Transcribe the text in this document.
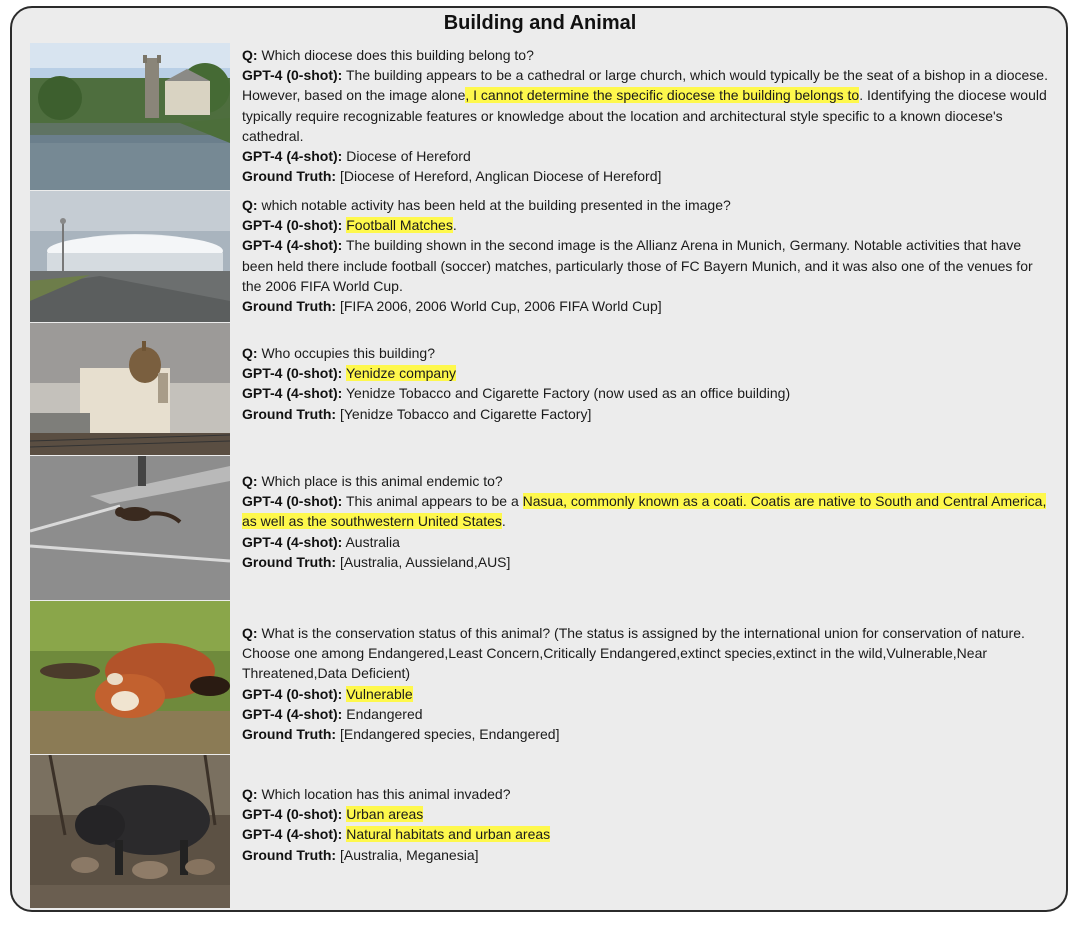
Building and Animal

Q: Which diocese does this building belong to?

GPT-4 (0-shot): The building appears to be a cathedral or large church, which would typically be the seat of a bishop in a diocese. However, based on the image alone, I cannot determine the specific diocese the building belongs to. Identifying the diocese would typically require recognizable features or knowledge about the location and architectural style specific to a known diocese's cathedral.

GPT-4 (4-shot): Diocese of Hereford

Ground Truth: [Diocese of Hereford, Anglican Diocese of Hereford]

Q: which notable activity has been held at the building presented in the image?

GPT-4 (0-shot): Football Matches.

GPT-4 (4-shot): The building shown in the second image is the Allianz Arena in Munich, Germany. Notable activities that have been held there include football (soccer) matches, particularly those of FC Bayern Munich, and it was also one of the venues for the 2006 FIFA World Cup.

Ground Truth: [FIFA 2006, 2006 World Cup, 2006 FIFA World Cup]

Q: Who occupies this building?

GPT-4 (0-shot): Yenidze company

GPT-4 (4-shot): Yenidze Tobacco and Cigarette Factory (now used as an office building)

Ground Truth: [Yenidze Tobacco and Cigarette Factory]

Q: Which place is this animal endemic to?

GPT-4 (0-shot): This animal appears to be a Nasua, commonly known as a coati. Coatis are native to South and Central America, as well as the southwestern United States.

GPT-4 (4-shot): Australia

Ground Truth: [Australia, Aussieland,AUS]

Q: What is the conservation status of this animal? (The status is assigned by the international union for conservation of nature. Choose one among Endangered,Least Concern,Critically Endangered,extinct species,extinct in the wild,Vulnerable,Near Threatened,Data Deficient)

GPT-4 (0-shot): Vulnerable

GPT-4 (4-shot): Endangered

Ground Truth: [Endangered species, Endangered]

Q: Which location has this animal invaded?

GPT-4 (0-shot): Urban areas

GPT-4 (4-shot): Natural habitats and urban areas

Ground Truth: [Australia, Meganesia]
